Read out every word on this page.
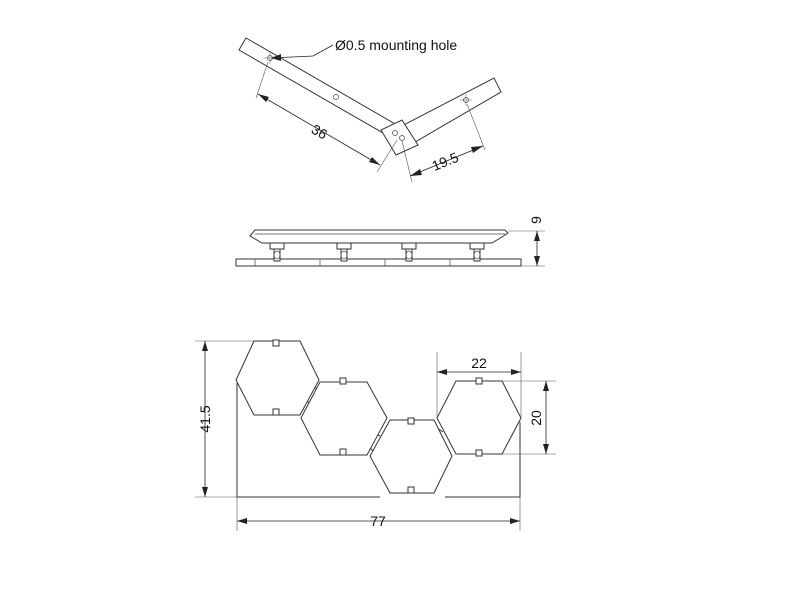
Ø0.5 mounting hole
36
19.5
9
41.5
77
22
20
